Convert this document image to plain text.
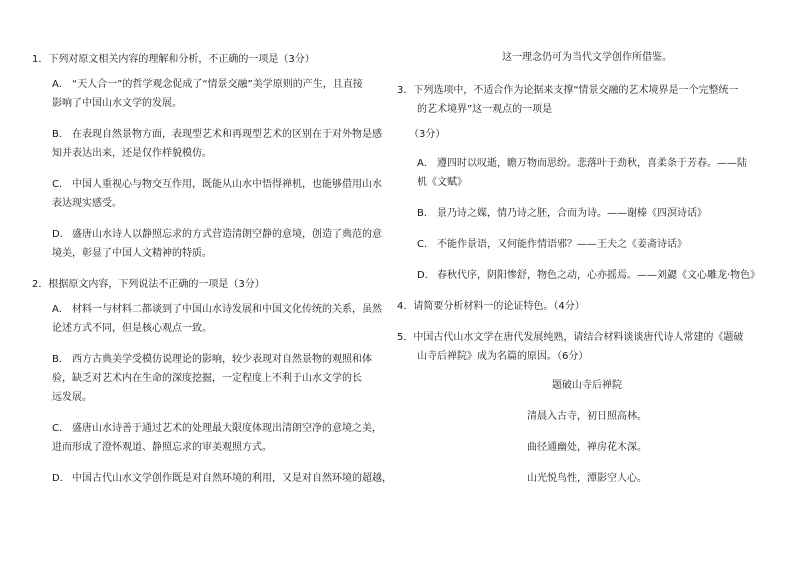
1．下列对原文相关内容的理解和分析，不正确的一项是（3分）
A． “天人合一”的哲学观念促成了“情景交融”美学原则的产生，且直接
影响了中国山水文学的发展。
B． 在表现自然景物方面，表现型艺术和再现型艺术的区别在于对外物是感
知并表达出来，还是仅作样貌模仿。
C． 中国人重视心与物交互作用，既能从山水中悟得禅机，也能够借用山水
表达现实感受。
D． 盛唐山水诗人以静照忘求的方式营造清朗空静的意境，创造了典范的意
境美，彰显了中国人文精神的特质。
2．根据原文内容，下列说法不正确的一项是（3分）
A． 材料一与材料二都谈到了中国山水诗发展和中国文化传统的关系，虽然
论述方式不同，但是核心观点一致。
B． 西方古典美学受模仿说理论的影响，较少表现对自然景物的观照和体
验，缺乏对艺术内在生命的深度挖掘，一定程度上不利于山水文学的长
远发展。
C． 盛唐山水诗善于通过艺术的处理最大限度体现出清朗空净的意境之美，
进而形成了澄怀观道、静照忘求的审美观照方式。
D． 中国古代山水文学创作既是对自然环境的利用，又是对自然环境的超越，
这一理念仍可为当代文学创作所借鉴。
3．下列选项中，不适合作为论据来支撑“情景交融的艺术境界是一个完整统一
的艺术境界”这一观点的一项是
（3分）
A． 遵四时以叹逝，瞻万物而思纷。悲落叶于劲秋，喜柔条于芳春。——陆
机《文赋》
B． 景乃诗之媒，情乃诗之胚，合而为诗。——谢榛《四溟诗话》
C． 不能作景语，又何能作情语邪？——王夫之《姜斋诗话》
D． 春秋代序，阴阳惨舒，物色之动，心亦摇焉。——刘勰《文心雕龙·物色》
4．请简要分析材料一的论证特色。（4分）
5．中国古代山水文学在唐代发展纯熟，请结合材料谈谈唐代诗人常建的《题破
山寺后禅院》成为名篇的原因。（6分）
题破山寺后禅院
清晨入古寺，初日照高林。
曲径通幽处，禅房花木深。
山光悦鸟性，潭影空人心。
